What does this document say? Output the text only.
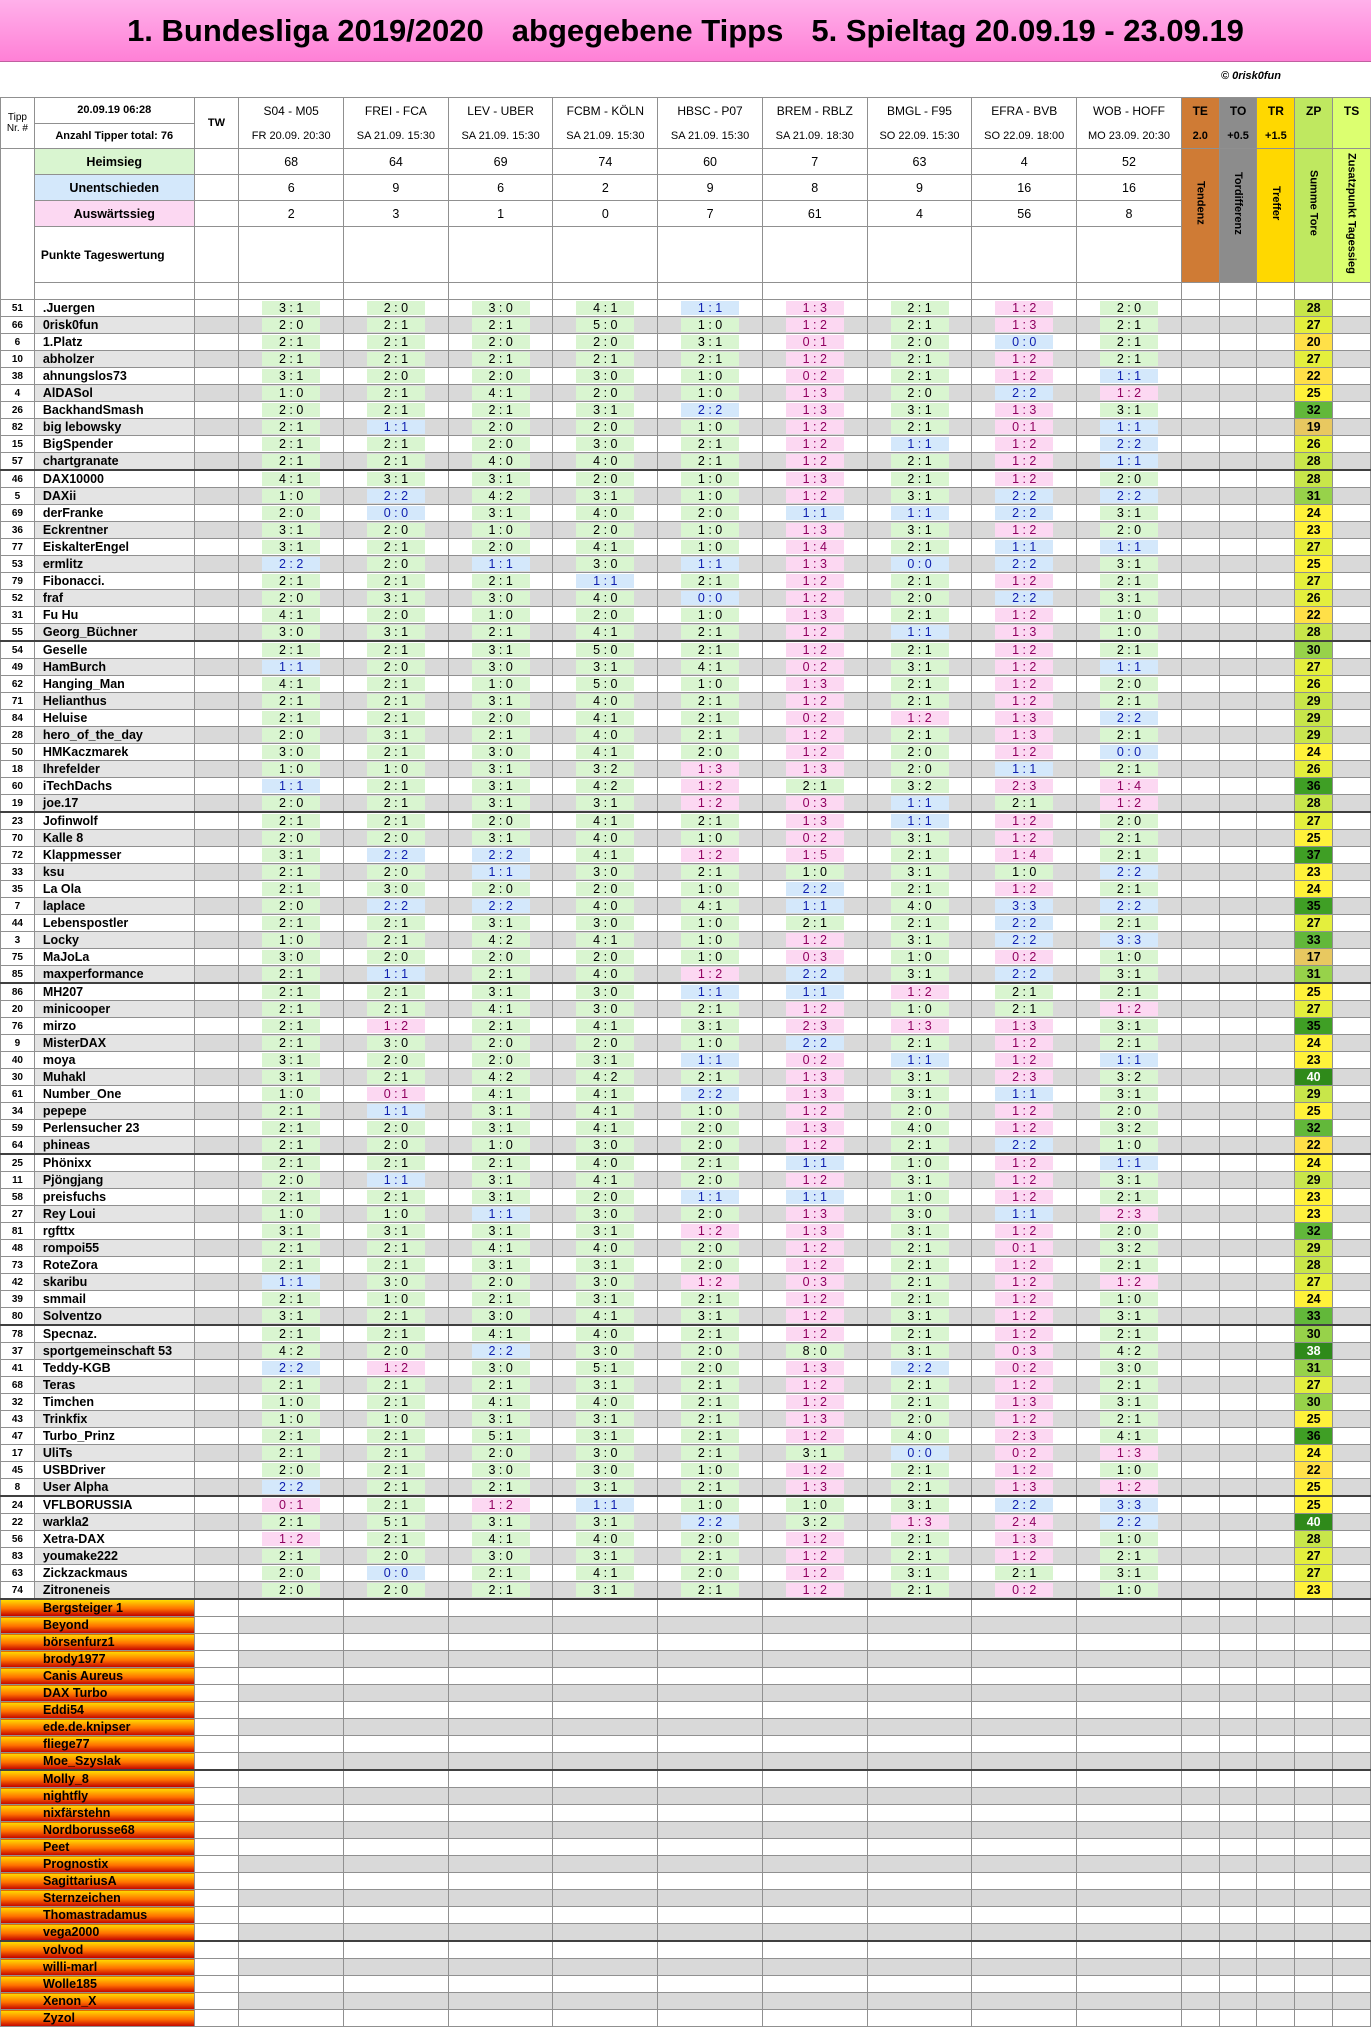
1. Bundesliga 2019/2020 abgegebene Tipps 5. Spieltag 20.09.19 - 23.09.19
© 0risk0fun
Tipp Nr. #	20.09.19 06:28	TW	S04 - M05	FREI - FCA	LEV - UBER	FCBM - KÖLN	HBSC - P07	BREM - RBLZ	BMGL - F95	EFRA - BVB	WOB - HOFF	TE	TO	TR	ZP	TS
	Anzahl Tipper total: 76		FR 20.09. 20:30	SA 21.09. 15:30	SA 21.09. 15:30	SA 21.09. 15:30	SA 21.09. 15:30	SA 21.09. 18:30	SO 22.09. 15:30	SO 22.09. 18:00	MO 23.09. 20:30	2.0	+0.5	+1.5		
	Heimsieg		68	64	69	74	60	7	63	4	52	Tendenz	Tordifferenz	Treffer	Summe Tore	Zusatzpunkt Tagessieg

	Unentschieden		6	9	6	2	9	8	9	16	16					
	Auswärtssieg		2	3	1	0	7	61	4	56	8					
	Punkte Tageswertung															

51	.Juergen		3 : 1	2 : 0	3 : 0	4 : 1	1 : 1	1 : 3	2 : 1	1 : 2	2 : 0				28	
66	0risk0fun		2 : 0	2 : 1	2 : 1	5 : 0	1 : 0	1 : 2	2 : 1	1 : 3	2 : 1				27	
6	1.Platz		2 : 1	2 : 1	2 : 0	2 : 0	3 : 1	0 : 1	2 : 0	0 : 0	2 : 1				20	
10	abholzer		2 : 1	2 : 1	2 : 1	2 : 1	2 : 1	1 : 2	2 : 1	1 : 2	2 : 1				27	
38	ahnungslos73		3 : 1	2 : 0	2 : 0	3 : 0	1 : 0	0 : 2	2 : 1	1 : 2	1 : 1				22	
4	AlDASol		1 : 0	2 : 1	4 : 1	2 : 0	1 : 0	1 : 3	2 : 0	2 : 2	1 : 2				25	
26	BackhandSmash		2 : 0	2 : 1	2 : 1	3 : 1	2 : 2	1 : 3	3 : 1	1 : 3	3 : 1				32	
82	big lebowsky		2 : 1	1 : 1	2 : 0	2 : 0	1 : 0	1 : 2	2 : 1	0 : 1	1 : 1				19	
15	BigSpender		2 : 1	2 : 1	2 : 0	3 : 0	2 : 1	1 : 2	1 : 1	1 : 2	2 : 2				26	
57	chartgranate		2 : 1	2 : 1	4 : 0	4 : 0	2 : 1	1 : 2	2 : 1	1 : 2	1 : 1				28	
46	DAX10000		4 : 1	3 : 1	3 : 1	2 : 0	1 : 0	1 : 3	2 : 1	1 : 2	2 : 0				28	
5	DAXii		1 : 0	2 : 2	4 : 2	3 : 1	1 : 0	1 : 2	3 : 1	2 : 2	2 : 2				31	
69	derFranke		2 : 0	0 : 0	3 : 1	4 : 0	2 : 0	1 : 1	1 : 1	2 : 2	3 : 1				24	
36	Eckrentner		3 : 1	2 : 0	1 : 0	2 : 0	1 : 0	1 : 3	3 : 1	1 : 2	2 : 0				23	
77	EiskalterEngel		3 : 1	2 : 1	2 : 0	4 : 1	1 : 0	1 : 4	2 : 1	1 : 1	1 : 1				27	
53	ermlitz		2 : 2	2 : 0	1 : 1	3 : 0	1 : 1	1 : 3	0 : 0	2 : 2	3 : 1				25	
79	Fibonacci.		2 : 1	2 : 1	2 : 1	1 : 1	2 : 1	1 : 2	2 : 1	1 : 2	2 : 1				27	
52	fraf		2 : 0	3 : 1	3 : 0	4 : 0	0 : 0	1 : 2	2 : 0	2 : 2	3 : 1				26	
31	Fu Hu		4 : 1	2 : 0	1 : 0	2 : 0	1 : 0	1 : 3	2 : 1	1 : 2	1 : 0				22	
55	Georg_Büchner		3 : 0	3 : 1	2 : 1	4 : 1	2 : 1	1 : 2	1 : 1	1 : 3	1 : 0				28	
54	Geselle		2 : 1	2 : 1	3 : 1	5 : 0	2 : 1	1 : 2	2 : 1	1 : 2	2 : 1				30	
49	HamBurch		1 : 1	2 : 0	3 : 0	3 : 1	4 : 1	0 : 2	3 : 1	1 : 2	1 : 1				27	
62	Hanging_Man		4 : 1	2 : 1	1 : 0	5 : 0	1 : 0	1 : 3	2 : 1	1 : 2	2 : 0				26	
71	Helianthus		2 : 1	2 : 1	3 : 1	4 : 0	2 : 1	1 : 2	2 : 1	1 : 2	2 : 1				29	
84	Heluise		2 : 1	2 : 1	2 : 0	4 : 1	2 : 1	0 : 2	1 : 2	1 : 3	2 : 2				29	
28	hero_of_the_day		2 : 0	3 : 1	2 : 1	4 : 0	2 : 1	1 : 2	2 : 1	1 : 3	2 : 1				29	
50	HMKaczmarek		3 : 0	2 : 1	3 : 0	4 : 1	2 : 0	1 : 2	2 : 0	1 : 2	0 : 0				24	
18	Ihrefelder		1 : 0	1 : 0	3 : 1	3 : 2	1 : 3	1 : 3	2 : 0	1 : 1	2 : 1				26	
60	iTechDachs		1 : 1	2 : 1	3 : 1	4 : 2	1 : 2	2 : 1	3 : 2	2 : 3	1 : 4				36	
19	joe.17		2 : 0	2 : 1	3 : 1	3 : 1	1 : 2	0 : 3	1 : 1	2 : 1	1 : 2				28	
23	Jofinwolf		2 : 1	2 : 1	2 : 0	4 : 1	2 : 1	1 : 3	1 : 1	1 : 2	2 : 0				27	
70	Kalle 8		2 : 0	2 : 0	3 : 1	4 : 0	1 : 0	0 : 2	3 : 1	1 : 2	2 : 1				25	
72	Klappmesser		3 : 1	2 : 2	2 : 2	4 : 1	1 : 2	1 : 5	2 : 1	1 : 4	2 : 1				37	
33	ksu		2 : 1	2 : 0	1 : 1	3 : 0	2 : 1	1 : 0	3 : 1	1 : 0	2 : 2				23	
35	La Ola		2 : 1	3 : 0	2 : 0	2 : 0	1 : 0	2 : 2	2 : 1	1 : 2	2 : 1				24	
7	laplace		2 : 0	2 : 2	2 : 2	4 : 0	4 : 1	1 : 1	4 : 0	3 : 3	2 : 2				35	
44	Lebenspostler		2 : 1	2 : 1	3 : 1	3 : 0	1 : 0	2 : 1	2 : 1	2 : 2	2 : 1				27	
3	Locky		1 : 0	2 : 1	4 : 2	4 : 1	1 : 0	1 : 2	3 : 1	2 : 2	3 : 3				33	
75	MaJoLa		3 : 0	2 : 0	2 : 0	2 : 0	1 : 0	0 : 3	1 : 0	0 : 2	1 : 0				17	
85	maxperformance		2 : 1	1 : 1	2 : 1	4 : 0	1 : 2	2 : 2	3 : 1	2 : 2	3 : 1				31	
86	MH207		2 : 1	2 : 1	3 : 1	3 : 0	1 : 1	1 : 1	1 : 2	2 : 1	2 : 1				25	
20	minicooper		2 : 1	2 : 1	4 : 1	3 : 0	2 : 1	1 : 2	1 : 0	2 : 1	1 : 2				27	
76	mirzo		2 : 1	1 : 2	2 : 1	4 : 1	3 : 1	2 : 3	1 : 3	1 : 3	3 : 1				35	
9	MisterDAX		2 : 1	3 : 0	2 : 0	2 : 0	1 : 0	2 : 2	2 : 1	1 : 2	2 : 1				24	
40	moya		3 : 1	2 : 0	2 : 0	3 : 1	1 : 1	0 : 2	1 : 1	1 : 2	1 : 1				23	
30	Muhakl		3 : 1	2 : 1	4 : 2	4 : 2	2 : 1	1 : 3	3 : 1	2 : 3	3 : 2				40	
61	Number_One		1 : 0	0 : 1	4 : 1	4 : 1	2 : 2	1 : 3	3 : 1	1 : 1	3 : 1				29	
34	pepepe		2 : 1	1 : 1	3 : 1	4 : 1	1 : 0	1 : 2	2 : 0	1 : 2	2 : 0				25	
59	Perlensucher 23		2 : 1	2 : 0	3 : 1	4 : 1	2 : 0	1 : 3	4 : 0	1 : 2	3 : 2				32	
64	phineas		2 : 1	2 : 0	1 : 0	3 : 0	2 : 0	1 : 2	2 : 1	2 : 2	1 : 0				22	
25	Phönixx		2 : 1	2 : 1	2 : 1	4 : 0	2 : 1	1 : 1	1 : 0	1 : 2	1 : 1				24	
11	Pjöngjang		2 : 0	1 : 1	3 : 1	4 : 1	2 : 0	1 : 2	3 : 1	1 : 2	3 : 1				29	
58	preisfuchs		2 : 1	2 : 1	3 : 1	2 : 0	1 : 1	1 : 1	1 : 0	1 : 2	2 : 1				23	
27	Rey Loui		1 : 0	1 : 0	1 : 1	3 : 0	2 : 0	1 : 3	3 : 0	1 : 1	2 : 3				23	
81	rgfttx		3 : 1	3 : 1	3 : 1	3 : 1	1 : 2	1 : 3	3 : 1	1 : 2	2 : 0				32	
48	rompoi55		2 : 1	2 : 1	4 : 1	4 : 0	2 : 0	1 : 2	2 : 1	0 : 1	3 : 2				29	
73	RoteZora		2 : 1	2 : 1	3 : 1	3 : 1	2 : 0	1 : 2	2 : 1	1 : 2	2 : 1				28	
42	skaribu		1 : 1	3 : 0	2 : 0	3 : 0	1 : 2	0 : 3	2 : 1	1 : 2	1 : 2				27	
39	smmail		2 : 1	1 : 0	2 : 1	3 : 1	2 : 1	1 : 2	2 : 1	1 : 2	1 : 0				24	
80	Solventzo		3 : 1	2 : 1	3 : 0	4 : 1	3 : 1	1 : 2	3 : 1	1 : 2	3 : 1				33	
78	Specnaz.		2 : 1	2 : 1	4 : 1	4 : 0	2 : 1	1 : 2	2 : 1	1 : 2	2 : 1				30	
37	sportgemeinschaft 53		4 : 2	2 : 0	2 : 2	3 : 0	2 : 0	8 : 0	3 : 1	0 : 3	4 : 2				38	
41	Teddy-KGB		2 : 2	1 : 2	3 : 0	5 : 1	2 : 0	1 : 3	2 : 2	0 : 2	3 : 0				31	
68	Teras		2 : 1	2 : 1	2 : 1	3 : 1	2 : 1	1 : 2	2 : 1	1 : 2	2 : 1				27	
32	Timchen		1 : 0	2 : 1	4 : 1	4 : 0	2 : 1	1 : 2	2 : 1	1 : 3	3 : 1				30	
43	Trinkfix		1 : 0	1 : 0	3 : 1	3 : 1	2 : 1	1 : 3	2 : 0	1 : 2	2 : 1				25	
47	Turbo_Prinz		2 : 1	2 : 1	5 : 1	3 : 1	2 : 1	1 : 2	4 : 0	2 : 3	4 : 1				36	
17	UliTs		2 : 1	2 : 1	2 : 0	3 : 0	2 : 1	3 : 1	0 : 0	0 : 2	1 : 3				24	
45	USBDriver		2 : 0	2 : 1	3 : 0	3 : 0	1 : 0	1 : 2	2 : 1	1 : 2	1 : 0				22	
8	User Alpha		2 : 2	2 : 1	2 : 1	3 : 1	2 : 1	1 : 3	2 : 1	1 : 3	1 : 2				25	
24	VFLBORUSSIA		0 : 1	2 : 1	1 : 2	1 : 1	1 : 0	1 : 0	3 : 1	2 : 2	3 : 3				25	
22	warkla2		2 : 1	5 : 1	3 : 1	3 : 1	2 : 2	3 : 2	1 : 3	2 : 4	2 : 2				40	
56	Xetra-DAX		1 : 2	2 : 1	4 : 1	4 : 0	2 : 0	1 : 2	2 : 1	1 : 3	1 : 0				28	
83	youmake222		2 : 1	2 : 0	3 : 0	3 : 1	2 : 1	1 : 2	2 : 1	1 : 2	2 : 1				27	
63	Zickzackmaus		2 : 0	0 : 0	2 : 1	4 : 1	2 : 0	1 : 2	3 : 1	2 : 1	3 : 1				27	
74	Zitroneneis		2 : 0	2 : 0	2 : 1	3 : 1	2 : 1	1 : 2	2 : 1	0 : 2	1 : 0				23	
Bergsteiger 1																
Beyond																
börsenfurz1																
brody1977																
Canis Aureus																
DAX Turbo																
Eddi54																
ede.de.knipser																
fliege77																
Moe_Szyslak																
Molly_8																
nightfly																
nixfärstehn																
Nordborusse68																
Peet																
Prognostix																
SagittariusA																
Sternzeichen																
Thomastradamus																
vega2000																
volvod																
willi-marl																
Wolle185																
Xenon_X																
Zyzol																
